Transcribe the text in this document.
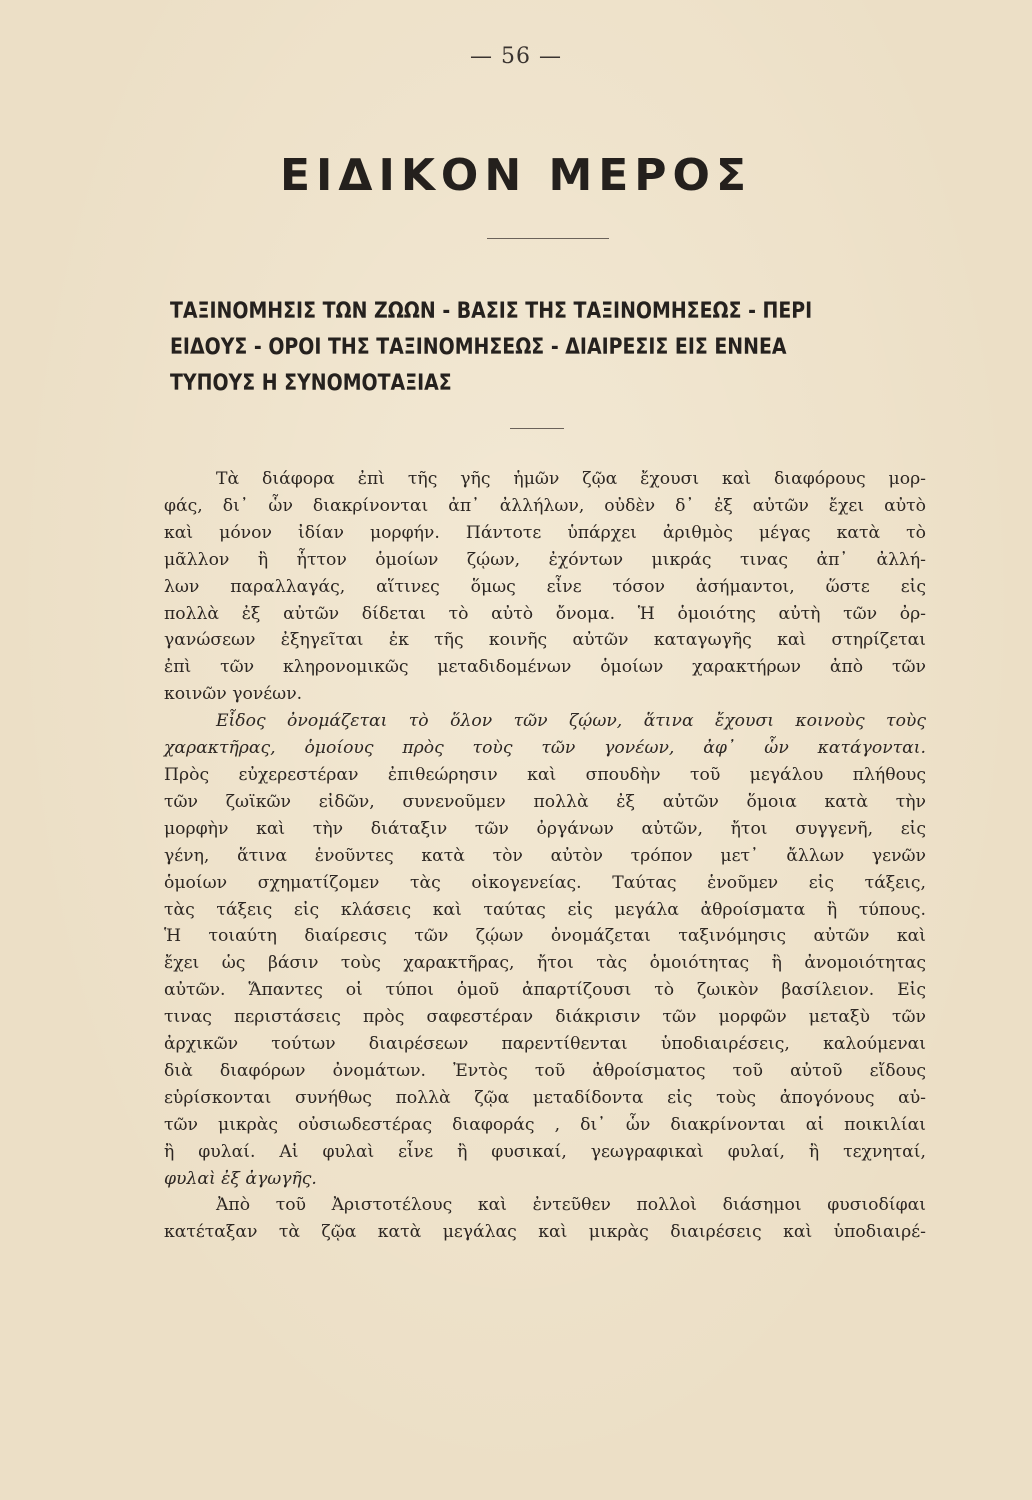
— 56 —
ΕΙΔΙΚΟΝ ΜΕΡΟΣ
ΤΑΞΙΝΟΜΗΣΙΣ ΤΩΝ ΖΩΩΝ - ΒΑΣΙΣ ΤΗΣ ΤΑΞΙΝΟΜΗΣΕΩΣ - ΠΕΡΙ
ΕΙΔΟΥΣ - ΟΡΟΙ ΤΗΣ ΤΑΞΙΝΟΜΗΣΕΩΣ - ΔΙΑΙΡΕΣΙΣ ΕΙΣ ΕΝΝΕΑ
ΤΥΠΟΥΣ Η ΣΥΝΟΜΟΤΑΞΙΑΣ
Τὰ διάφορα ἐπὶ τῆς γῆς ἡμῶν ζῷα ἔχουσι καὶ διαφόρους μορ-
φάς, δι᾽ ὧν διακρίνονται ἀπ᾽ ἀλλήλων, οὐδὲν δ᾽ ἐξ αὐτῶν ἔχει αὐτὸ
καὶ μόνον ἰδίαν μορφήν. Πάντοτε ὑπάρχει ἀριθμὸς μέγας κατὰ τὸ
μᾶλλον ἢ ἧττον ὁμοίων ζῴων, ἐχόντων μικράς τινας ἀπ᾽ ἀλλή-
λων παραλλαγάς, αἵτινες ὅμως εἶνε τόσον ἀσήμαντοι, ὥστε εἰς
πολλὰ ἐξ αὐτῶν δίδεται τὸ αὐτὸ ὄνομα. Ἡ ὁμοιότης αὐτὴ τῶν ὀρ-
γανώσεων ἐξηγεῖται ἐκ τῆς κοινῆς αὐτῶν καταγωγῆς καὶ στηρίζεται
ἐπὶ τῶν κληρονομικῶς μεταδιδομένων ὁμοίων χαρακτήρων ἀπὸ τῶν
κοινῶν γονέων.
Εἶδος ὀνομάζεται τὸ ὅλον τῶν ζῴων, ἅτινα ἔχουσι κοινοὺς τοὺς
χαρακτῆρας, ὁμοίους πρὸς τοὺς τῶν γονέων, ἀφ᾽ ὧν κατάγονται.
Πρὸς εὐχερεστέραν ἐπιθεώρησιν καὶ σπουδὴν τοῦ μεγάλου πλήθους
τῶν ζωϊκῶν εἰδῶν, συνενοῦμεν πολλὰ ἐξ αὐτῶν ὅμοια κατὰ τὴν
μορφὴν καὶ τὴν διάταξιν τῶν ὀργάνων αὐτῶν, ἤτοι συγγενῆ, εἰς
γένη, ἅτινα ἑνοῦντες κατὰ τὸν αὐτὸν τρόπον μετ᾽ ἄλλων γενῶν
ὁμοίων σχηματίζομεν τὰς οἰκογενείας. Ταύτας ἑνοῦμεν εἰς τάξεις,
τὰς τάξεις εἰς κλάσεις καὶ ταύτας εἰς μεγάλα ἀθροίσματα ἢ τύπους.
Ἡ τοιαύτη διαίρεσις τῶν ζῴων ὀνομάζεται ταξινόμησις αὐτῶν καὶ
ἔχει ὡς βάσιν τοὺς χαρακτῆρας, ἤτοι τὰς ὁμοιότητας ἢ ἀνομοιότητας
αὐτῶν. Ἅπαντες οἱ τύποι ὁμοῦ ἀπαρτίζουσι τὸ ζωικὸν βασίλειον. Εἰς
τινας περιστάσεις πρὸς σαφεστέραν διάκρισιν τῶν μορφῶν μεταξὺ τῶν
ἀρχικῶν τούτων διαιρέσεων παρεντίθενται ὑποδιαιρέσεις, καλούμεναι
διὰ διαφόρων ὀνομάτων. Ἐντὸς τοῦ ἀθροίσματος τοῦ αὐτοῦ εἴδους
εὑρίσκονται συνήθως πολλὰ ζῷα μεταδίδοντα εἰς τοὺς ἀπογόνους αὐ-
τῶν μικρὰς οὐσιωδεστέρας διαφοράς , δι᾽ ὧν διακρίνονται αἱ ποικιλίαι
ἢ φυλαί. Αἱ φυλαὶ εἶνε ἢ φυσικαί, γεωγραφικαὶ φυλαί, ἢ τεχνηταί,
φυλαὶ ἐξ ἀγωγῆς.
Ἀπὸ τοῦ Ἀριστοτέλους καὶ ἐντεῦθεν πολλοὶ διάσημοι φυσιοδίφαι
κατέταξαν τὰ ζῷα κατὰ μεγάλας καὶ μικρὰς διαιρέσεις καὶ ὑποδιαιρέ-
